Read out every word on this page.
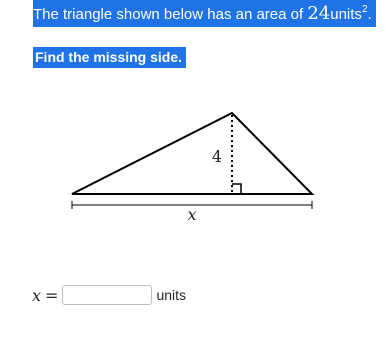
The triangle shown below has an area of 24units$^2$.
Find the missing side.
4
x
x =	units
